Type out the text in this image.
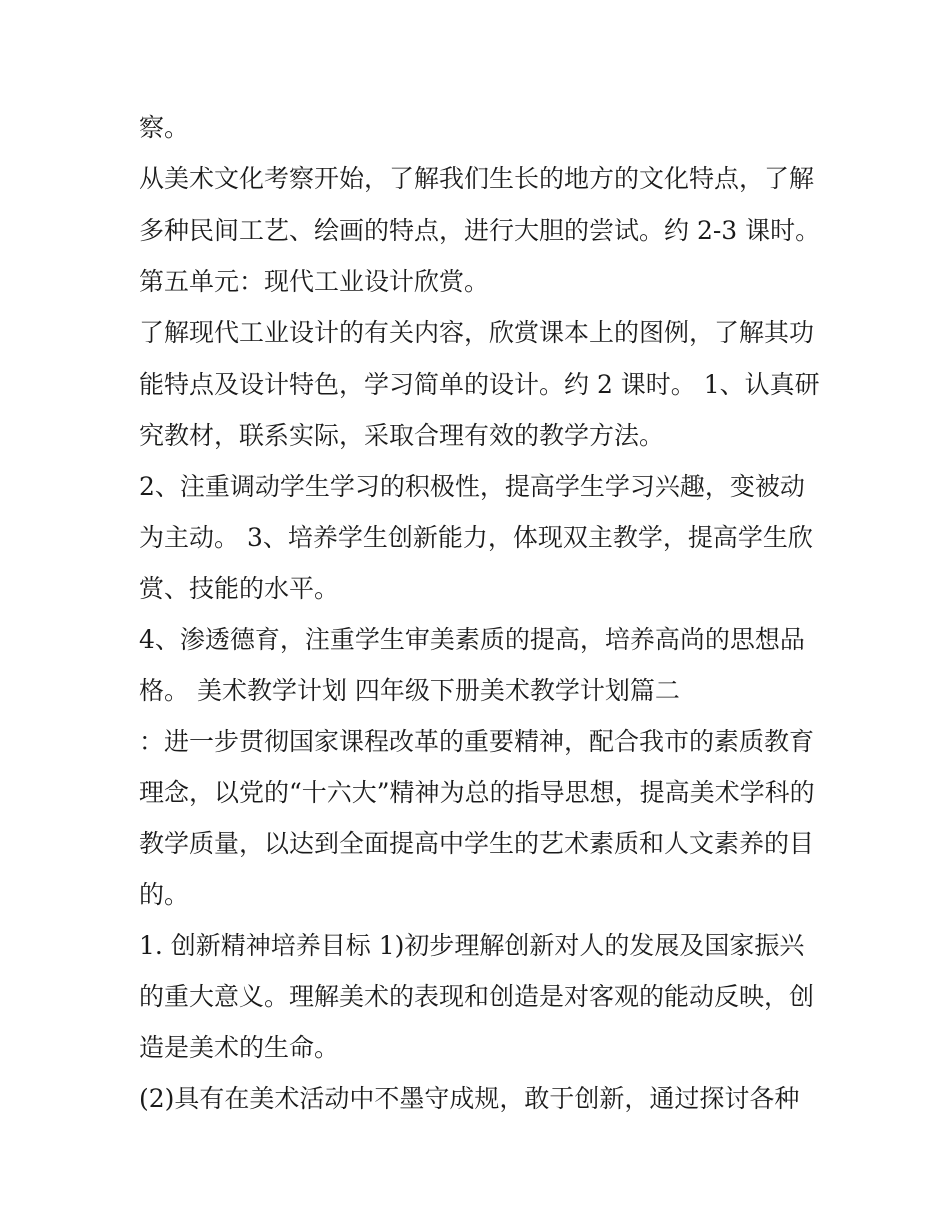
察。
从美术文化考察开始，了解我们生长的地方的文化特点，了解
多种民间工艺、绘画的特点，进行大胆的尝试。约 2-3 课时。
第五单元：现代工业设计欣赏。
了解现代工业设计的有关内容，欣赏课本上的图例，了解其功
能特点及设计特色，学习简单的设计。约 2 课时。 1、认真研
究教材，联系实际，采取合理有效的教学方法。
2、注重调动学生学习的积极性，提高学生学习兴趣，变被动
为主动。 3、培养学生创新能力，体现双主教学，提高学生欣
赏、技能的水平。
4、渗透德育，注重学生审美素质的提高，培养高尚的思想品
格。 美术教学计划 四年级下册美术教学计划篇二
：进一步贯彻国家课程改革的重要精神，配合我市的素质教育
理念，以党的“十六大”精神为总的指导思想，提高美术学科的
教学质量，以达到全面提高中学生的艺术素质和人文素养的目
的。
1. 创新精神培养目标 1)初步理解创新对人的发展及国家振兴
的重大意义。理解美术的表现和创造是对客观的能动反映，创
造是美术的生命。
(2)具有在美术活动中不墨守成规，敢于创新，通过探讨各种
